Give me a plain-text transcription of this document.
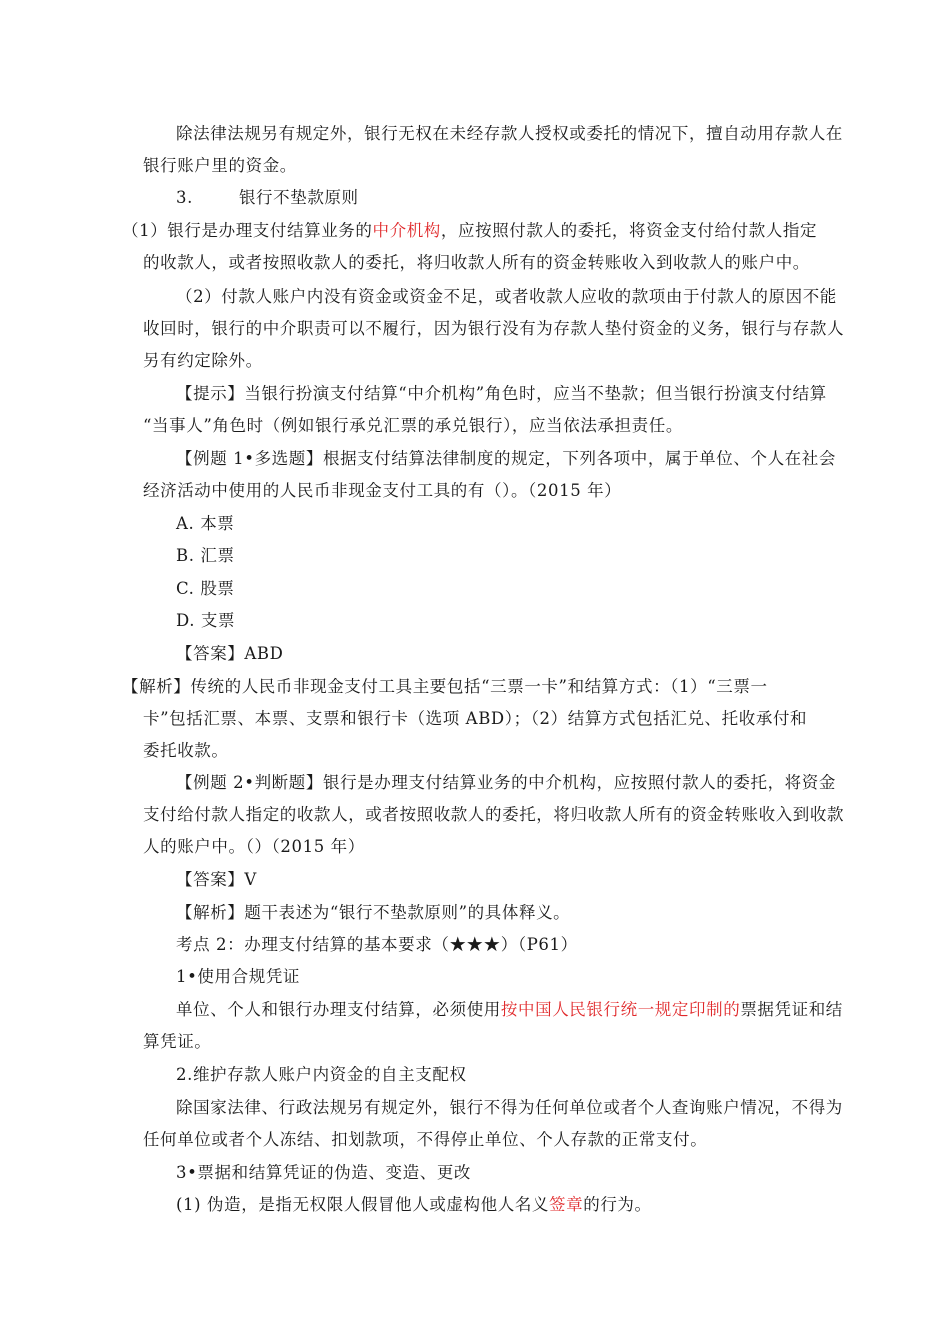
除法律法规另有规定外，银行无权在未经存款人授权或委托的情况下，擅自动用存款人在
银行账户里的资金。
3.	银行不垫款原则
（1）银行是办理支付结算业务的中介机构，应按照付款人的委托，将资金支付给付款人指定
的收款人，或者按照收款人的委托，将归收款人所有的资金转账收入到收款人的账户中。
（2）付款人账户内没有资金或资金不足，或者收款人应收的款项由于付款人的原因不能
收回时，银行的中介职责可以不履行，因为银行没有为存款人垫付资金的义务，银行与存款人
另有约定除外。
【提示】当银行扮演支付结算“中介机构”角色时，应当不垫款；但当银行扮演支付结算
“当事人”角色时（例如银行承兑汇票的承兑银行），应当依法承担责任。
【例题 1•多选题】根据支付结算法律制度的规定，下列各项中，属于单位、个人在社会
经济活动中使用的人民币非现金支付工具的有（）。（2015 年）
A. 本票
B. 汇票
C. 股票
D. 支票
【答案】ABD
【解析】传统的人民币非现金支付工具主要包括“三票一卡”和结算方式：（1）“三票一
卡”包括汇票、本票、支票和银行卡（选项 ABD）；（2）结算方式包括汇兑、托收承付和
委托收款。
【例题 2•判断题】银行是办理支付结算业务的中介机构，应按照付款人的委托，将资金
支付给付款人指定的收款人，或者按照收款人的委托，将归收款人所有的资金转账收入到收款
人的账户中。（）（2015 年）
【答案】V
【解析】题干表述为“银行不垫款原则”的具体释义。
考点 2：办理支付结算的基本要求（★★★）（P61）
1•使用合规凭证
单位、个人和银行办理支付结算，必须使用按中国人民银行统一规定印制的票据凭证和结
算凭证。
2.维护存款人账户内资金的自主支配权
除国家法律、行政法规另有规定外，银行不得为任何单位或者个人查询账户情况，不得为
任何单位或者个人冻结、扣划款项，不得停止单位、个人存款的正常支付。
3•票据和结算凭证的伪造、变造、更改
(1) 伪造，是指无权限人假冒他人或虚构他人名义签章的行为。
